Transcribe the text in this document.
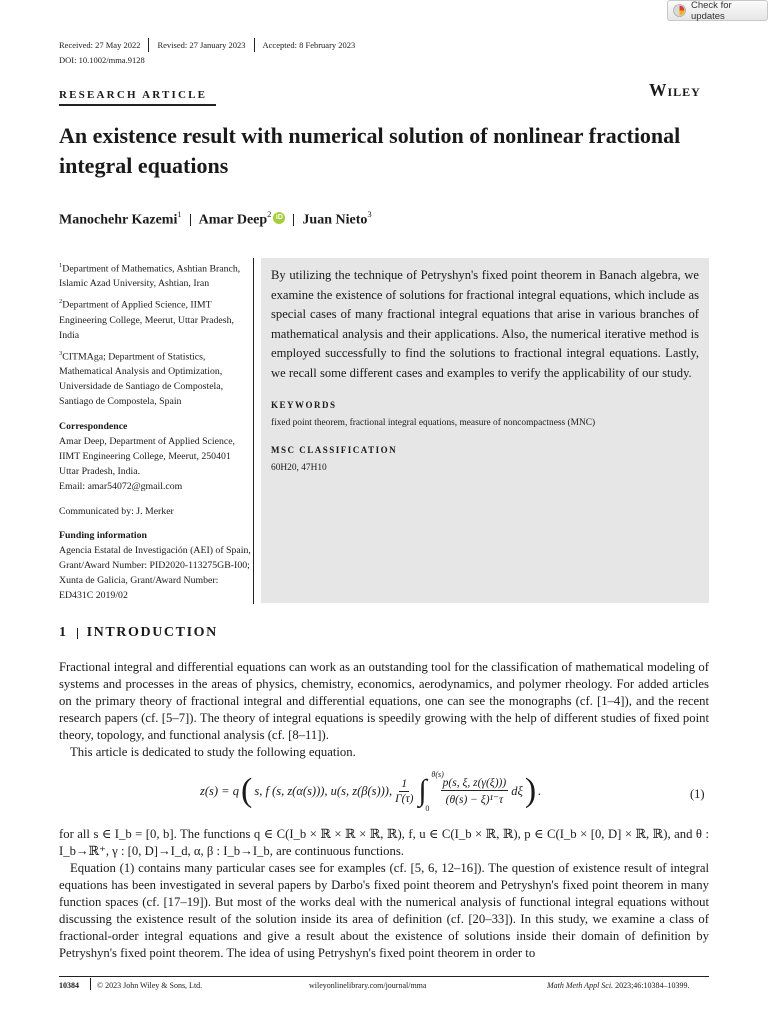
Check for updates
Received: 27 May 2022 Revised: 27 January 2023 Accepted: 8 February 2023
DOI: 10.1002/mma.9128
RESEARCH ARTICLE	Wiley
An existence result with numerical solution of nonlinear fractional integral equations
Manochehr Kazemi$^1$ Amar Deep$^2$ iD Juan Nieto$^3$

$^1$Department of Mathematics, Ashtian Branch, Islamic Azad University, Ashtian, Iran

$^2$Department of Applied Science, IIMT Engineering College, Meerut, Uttar Pradesh, India

$^3$CITMAga; Department of Statistics, Mathematical Analysis and Optimization, Universidade de Santiago de Compostela, Santiago de Compostela, Spain

Correspondence

Amar Deep, Department of Applied Science, IIMT Engineering College, Meerut, 250401 Uttar Pradesh, India.

Email: amar54072@gmail.com

Communicated by: J. Merker

Funding information

Agencia Estatal de Investigación (AEI) of Spain, Grant/Award Number: PID2020-113275GB-I00; Xunta de Galicia, Grant/Award Number: ED431C 2019/02

By utilizing the technique of Petryshyn's fixed point theorem in Banach algebra, we examine the existence of solutions for fractional integral equations, which include as special cases of many fractional integral equations that arise in various branches of mathematical analysis and their applications. Also, the numerical iterative method is employed successfully to find the solutions to fractional integral equations. Lastly, we recall some different cases and examples to verify the applicability of our study.

KEYWORDS

fixed point theorem, fractional integral equations, measure of noncompactness (MNC)

MSC CLASSIFICATION

60H20, 47H10

1 INTRODUCTION

Fractional integral and differential equations can work as an outstanding tool for the classification of mathematical modeling of systems and processes in the areas of physics, chemistry, economics, aerodynamics, and polymer rheology. For added articles on the primary theory of fractional integral and differential equations, one can see the monographs (cf. [1–4]), and the recent research papers (cf. [5–7]). The theory of integral equations is speedily growing with the help of different studies of fixed point theory, topology, and functional analysis (cf. [8–11]).

This article is dedicated to study the following equation.

z(s) = q ( s, f (s, z(α(s))), u(s, z(β(s))), $\frac{1}{\Gamma(\tau)}$ ∫ θ(s)
0
$\frac{p(s, \xi, z(\gamma(\xi)))}{\text{(θ(s) − ξ)¹⁻τ}}$ dξ ) .	(1)

for all s ∈ I_b = [0, b]. The functions q ∈ C(I_b × ℝ × ℝ × ℝ, ℝ), f, u ∈ C(I_b × ℝ, ℝ), p ∈ C(I_b × [0, D] × ℝ, ℝ), and θ : I_b→ℝ⁺, γ : [0, D]→I_d, α, β : I_b→I_b, are continuous functions.

Equation (1) contains many particular cases see for examples (cf. [5, 6, 12–16]). The question of existence result of integral equations has been investigated in several papers by Darbo's fixed point theorem and Petryshyn's fixed point theorem in many function spaces (cf. [17–19]). But most of the works deal with the numerical analysis of functional integral equations without discussing the existence result of the solution inside its area of definition (cf. [20–33]). In this study, we examine a class of fractional-order integral equations and give a result about the existence of solutions inside their domain of definition by Petryshyn's fixed point theorem. The idea of using Petryshyn's fixed point theorem in order to

10384 © 2023 John Wiley & Sons, Ltd.	wileyonlinelibrary.com/journal/mma	Math Meth Appl Sci. 2023;46:10384–10399.
